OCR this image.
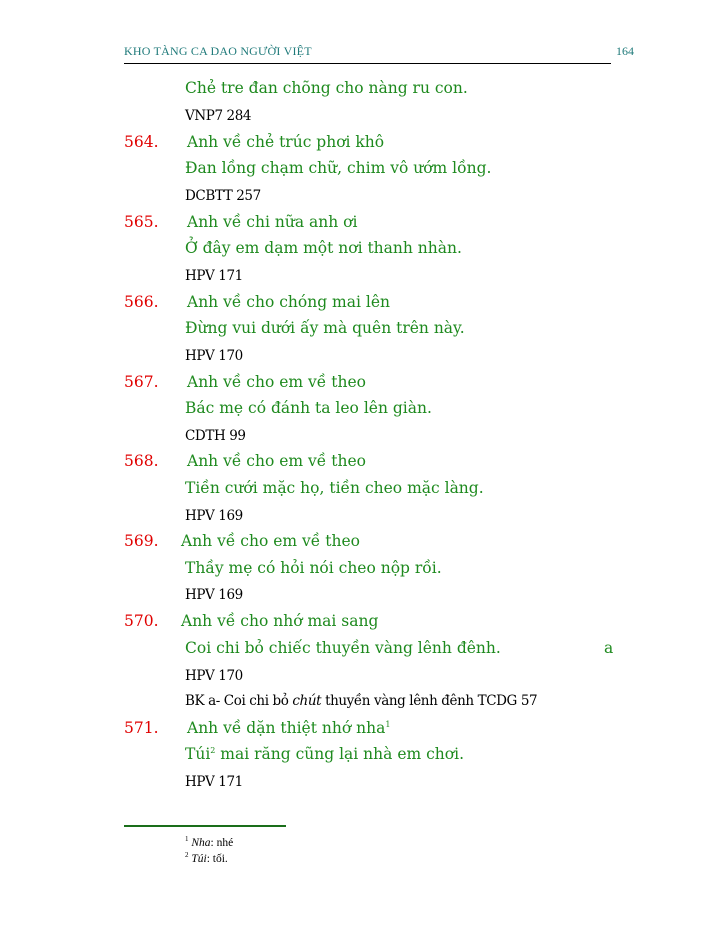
KHO TÀNG CA DAO NGƯỜI VIỆT	164
Chẻ tre đan chõng cho nàng ru con.
VNP7 284
564. Anh về chẻ trúc phơi khô
Đan lồng chạm chữ, chim vô ướm lồng.
DCBTT 257
565. Anh về chi nữa anh ơi
Ở đây em dạm một nơi thanh nhàn.
HPV 171
566. Anh về cho chóng mai lên
Đừng vui dưới ấy mà quên trên này.
HPV 170
567. Anh về cho em về theo
Bác mẹ có đánh ta leo lên giàn.
CDTH 99
568. Anh về cho em về theo
Tiền cưới mặc họ, tiền cheo mặc làng.
HPV 169
569. Anh về cho em về theo
Thầy mẹ có hỏi nói cheo nộp rồi.
HPV 169
570. Anh về cho nhớ mai sang
Coi chi bỏ chiếc thuyền vàng lênh đênh.	a
HPV 170
BK a- Coi chi bỏ chút thuyền vàng lênh đênh TCDG 57
571. Anh về dặn thiệt nhớ nha$^1$
Túi$^2$ mai răng cũng lại nhà em chơi.
HPV 171
$^1$ Nha: nhé
$^2$ Túi: tối.
